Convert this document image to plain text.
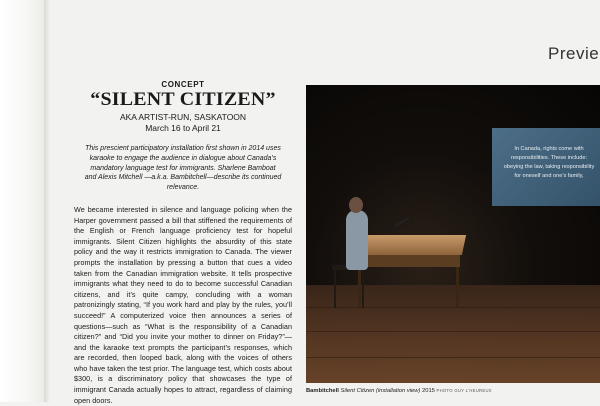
Previe

CONCEPT

“SILENT CITIZEN”

AKA ARTIST-RUN, SASKATOON

March 16 to April 21

This prescient participatory installation first shown in 2014 uses karaoke to engage the audience in dialogue about Canada’s mandatory language test for immigrants. Sharlene Bamboat and Alexis Mitchell —a.k.a. Bambitchell—describe its continued relevance.

We became interested in silence and language policing when the Harper government passed a bill that stiffened the requirements of the English or French language proficiency test for hopeful immigrants. Silent Citizen highlights the absurdity of this state policy and the way it restricts immigration to Canada. The viewer prompts the installation by pressing a button that cues a video taken from the Canadian immigration website. It tells prospective immigrants what they need to do to become successful Canadian citizens, and it’s quite campy, concluding with a woman patronizingly stating, “If you work hard and play by the rules, you’ll succeed!” A computerized voice then announces a series of questions—such as “What is the responsibility of a Canadian citizen?” and “Did you invite your mother to dinner on Friday?”—and the karaoke text prompts the participant’s responses, which are recorded, then looped back, along with the voices of others who have taken the test prior. The language test, which costs about $300, is a discriminatory policy that showcases the type of immigrant Canada actually hopes to attract, regardless of claiming open doors.

In Canada, rights come with responsibilities. These include: obeying the law, taking responsibility for oneself and one’s family,
Bambitchell Silent Citizen (installation view) 2015 PHOTO GUY L’HEUREUX
